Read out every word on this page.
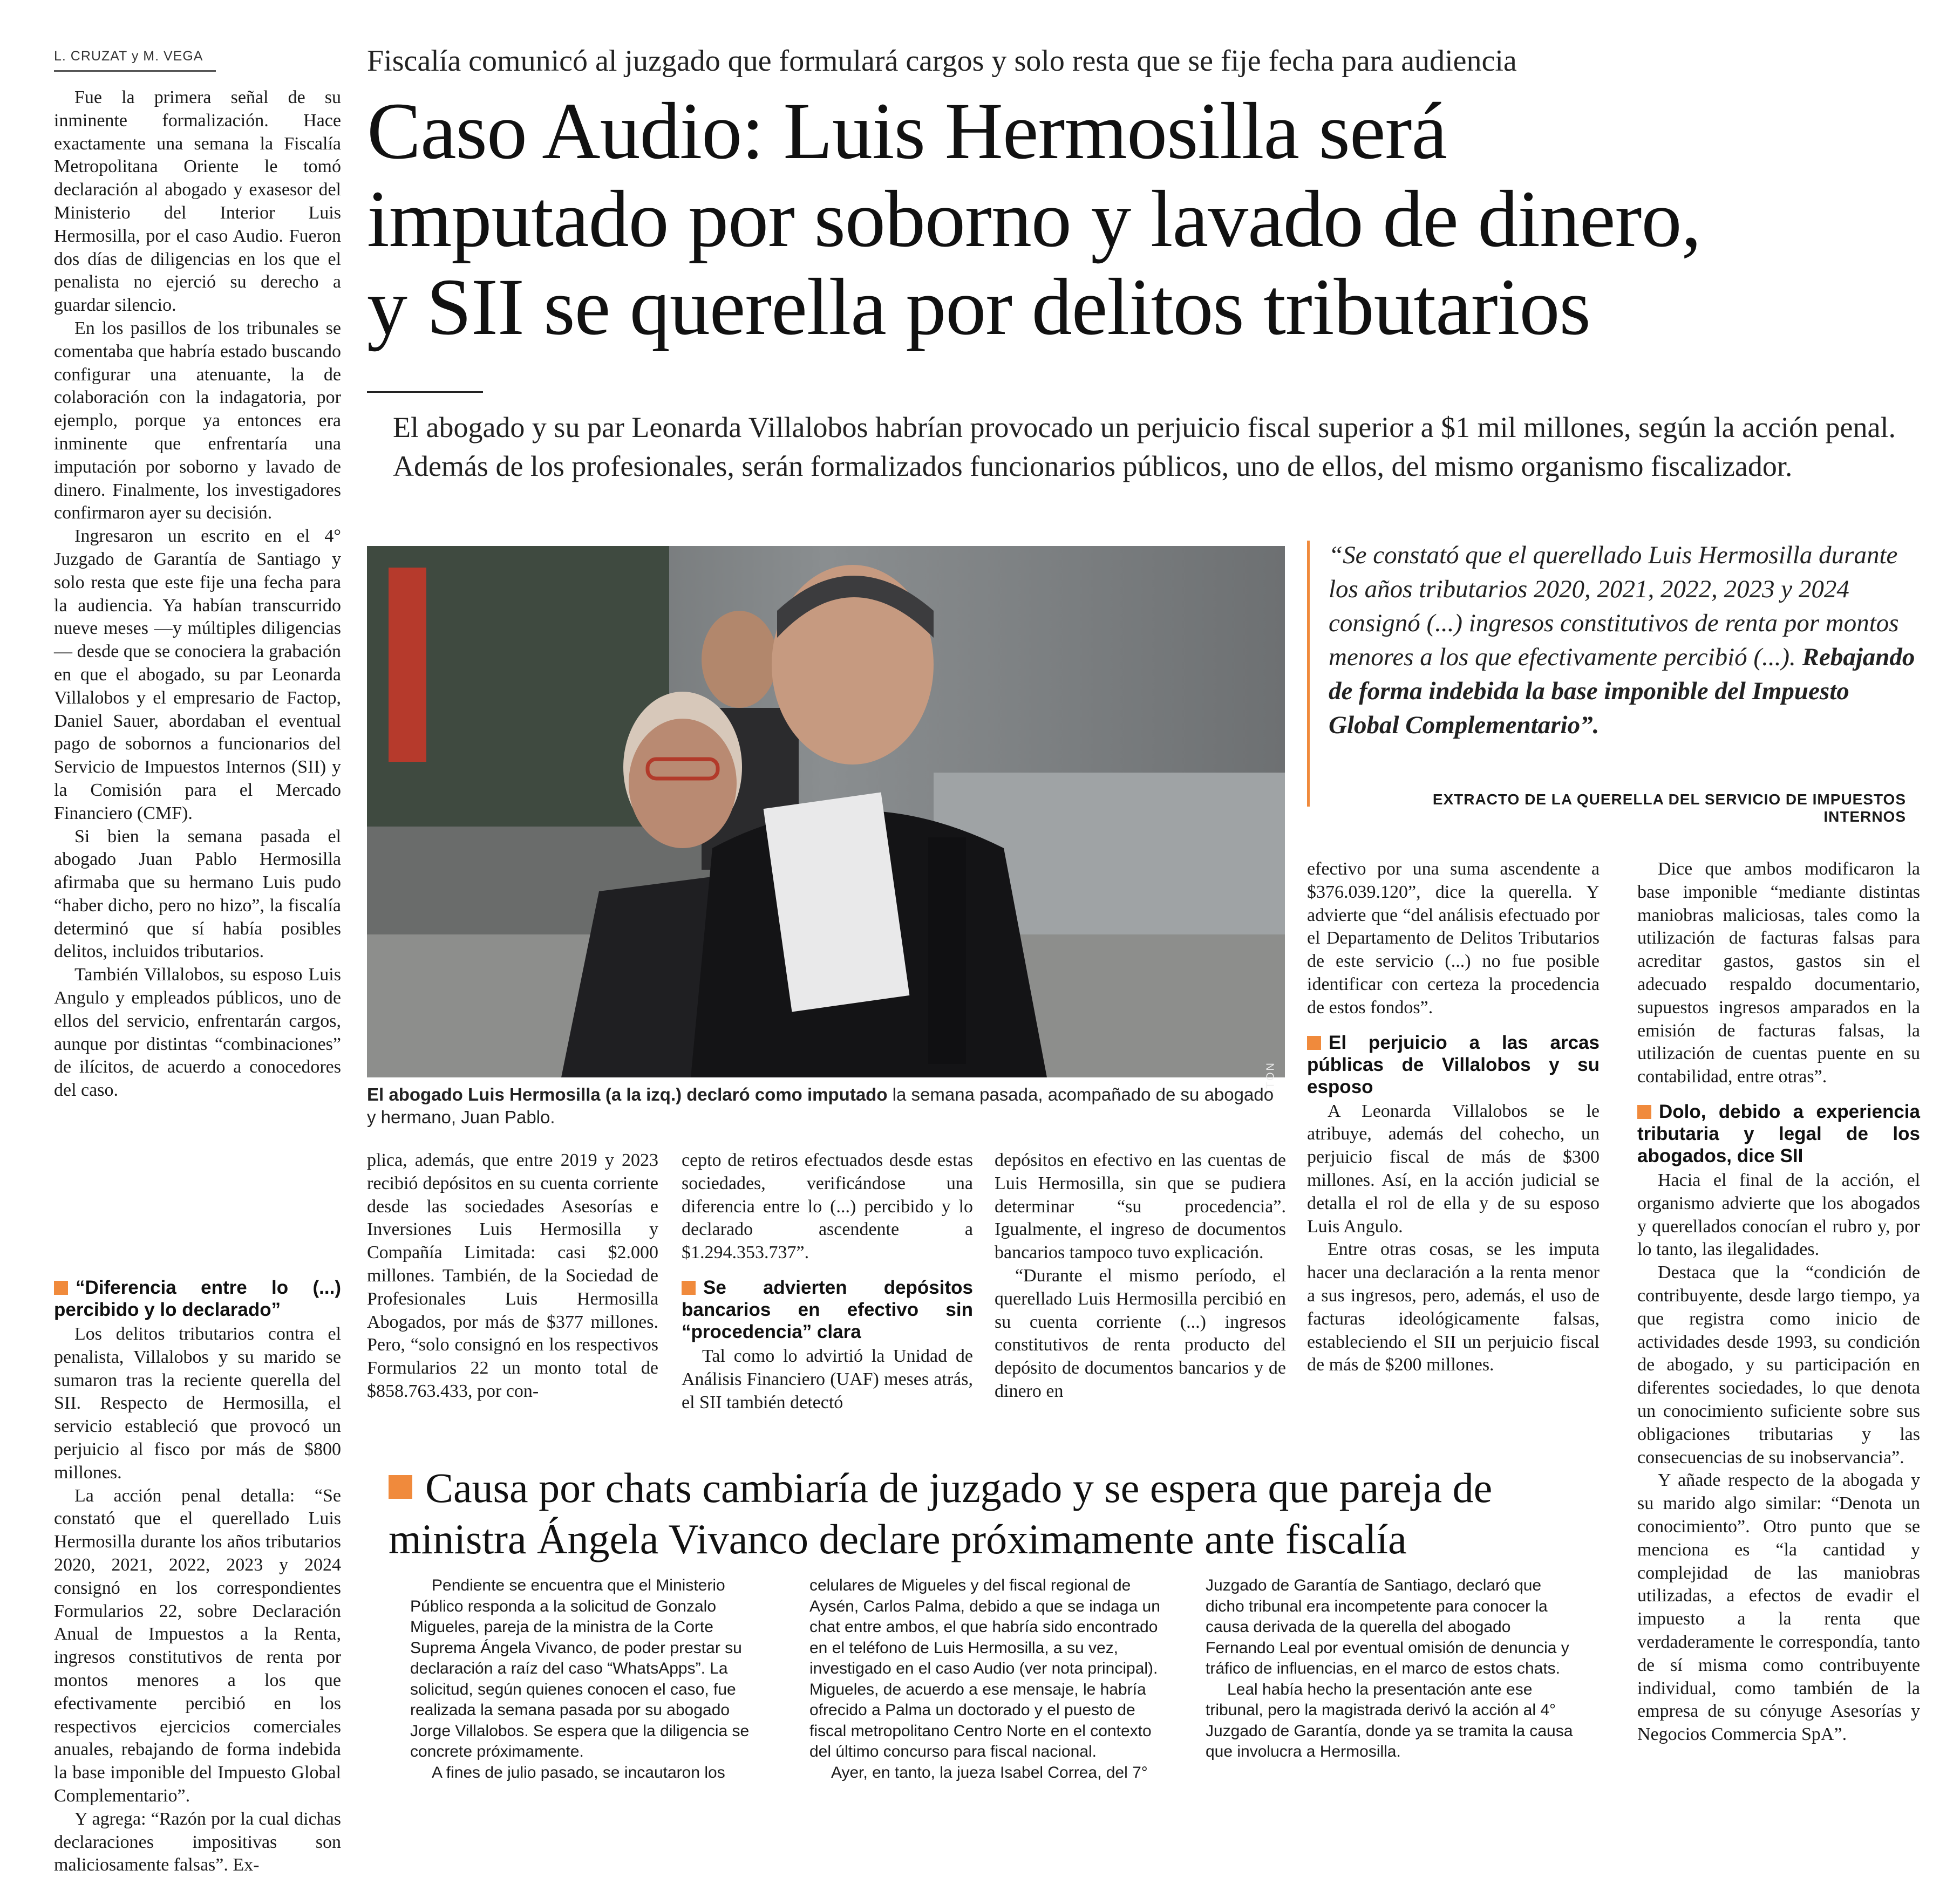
L. CRUZAT y M. VEGA

Fue la primera señal de su inminente formalización. Hace exactamente una semana la Fiscalía Metropolitana Oriente le tomó declaración al abogado y exasesor del Ministerio del Interior Luis Hermosilla, por el caso Audio. Fueron dos días de diligencias en los que el penalista no ejerció su derecho a guardar silencio.

En los pasillos de los tribunales se comentaba que habría estado buscando configurar una atenuante, la de colaboración con la indagatoria, por ejemplo, porque ya entonces era inminente que enfrentaría una imputación por soborno y lavado de dinero. Finalmente, los investigadores confirmaron ayer su decisión.

Ingresaron un escrito en el 4° Juzgado de Garantía de Santiago y solo resta que este fije una fecha para la audiencia. Ya habían transcurrido nueve meses —y múltiples diligencias— desde que se conociera la grabación en que el abogado, su par Leonarda Villalobos y el empresario de Factop, Daniel Sauer, abordaban el eventual pago de sobornos a funcionarios del Servicio de Impuestos Internos (SII) y la Comisión para el Mercado Financiero (CMF).

Si bien la semana pasada el abogado Juan Pablo Hermosilla afirmaba que su hermano Luis pudo “haber dicho, pero no hizo”, la fiscalía determinó que sí había posibles delitos, incluidos tributarios.

También Villalobos, su esposo Luis Angulo y empleados públicos, uno de ellos del servicio, enfrentarán cargos, aunque por distintas “combinaciones” de ilícitos, de acuerdo a conocedores del caso.

“Diferencia entre lo (...) percibido y lo declarado”

Los delitos tributarios contra el penalista, Villalobos y su marido se sumaron tras la reciente querella del SII. Respecto de Hermosilla, el servicio estableció que provocó un perjuicio al fisco por más de $800 millones.

La acción penal detalla: “Se constató que el querellado Luis Hermosilla durante los años tributarios 2020, 2021, 2022, 2023 y 2024 consignó en los correspondientes Formularios 22, sobre Declaración Anual de Impuestos a la Renta, ingresos constitutivos de renta por montos menores a los que efectivamente percibió en los respectivos ejercicios comerciales anuales, rebajando de forma indebida la base imponible del Impuesto Global Complementario”.

Y agrega: “Razón por la cual dichas declaraciones impositivas son maliciosamente falsas”. Ex-

Fiscalía comunicó al juzgado que formulará cargos y solo resta que se fije fecha para audiencia
Caso Audio: Luis Hermosilla será
imputado por soborno y lavado de dinero,
y SII se querella por delitos tributarios
El abogado y su par Leonarda Villalobos habrían provocado un perjuicio fiscal superior a $1 mil millones, según la acción penal. Además de los profesionales, serán formalizados funcionarios públicos, uno de ellos, del mismo organismo fiscalizador.
ATON
El abogado Luis Hermosilla (a la izq.) declaró como imputado la semana pasada, acompañado de su abogado y hermano, Juan Pablo.

plica, además, que entre 2019 y 2023 recibió depósitos en su cuenta corriente desde las sociedades Asesorías e Inversiones Luis Hermosilla y Compañía Limitada: casi $2.000 millones. También, de la Sociedad de Profesionales Luis Hermosilla Abogados, por más de $377 millones. Pero, “solo consignó en los respectivos Formularios 22 un monto total de $858.763.433, por con-

cepto de retiros efectuados desde estas sociedades, verificándose una diferencia entre lo (...) percibido y lo declarado ascendente a $1.294.353.737”.

Se advierten depósitos bancarios en efectivo sin “procedencia” clara

Tal como lo advirtió la Unidad de Análisis Financiero (UAF) meses atrás, el SII también detectó

depósitos en efectivo en las cuentas de Luis Hermosilla, sin que se pudiera determinar “su procedencia”. Igualmente, el ingreso de documentos bancarios tampoco tuvo explicación.

“Durante el mismo período, el querellado Luis Hermosilla percibió en su cuenta corriente (...) ingresos constitutivos de renta producto del depósito de documentos bancarios y de dinero en

“Se constató que el querellado Luis Hermosilla durante los años tributarios 2020, 2021, 2022, 2023 y 2024 consignó (...) ingresos constitutivos de renta por montos menores a los que efectivamente percibió (...). Rebajando de forma indebida la base imponible del Impuesto Global Complementario”.
EXTRACTO DE LA QUERELLA DEL SERVICIO DE IMPUESTOS INTERNOS

efectivo por una suma ascendente a $376.039.120”, dice la querella. Y advierte que “del análisis efectuado por el Departamento de Delitos Tributarios de este servicio (...) no fue posible identificar con certeza la procedencia de estos fondos”.

El perjuicio a las arcas públicas de Villalobos y su esposo

A Leonarda Villalobos se le atribuye, además del cohecho, un perjuicio fiscal de más de $300 millones. Así, en la acción judicial se detalla el rol de ella y de su esposo Luis Angulo.

Entre otras cosas, se les imputa hacer una declaración a la renta menor a sus ingresos, pero, además, el uso de facturas ideológicamente falsas, estableciendo el SII un perjuicio fiscal de más de $200 millones.

Dice que ambos modificaron la base imponible “mediante distintas maniobras maliciosas, tales como la utilización de facturas falsas para acreditar gastos, gastos sin el adecuado respaldo documentario, supuestos ingresos amparados en la emisión de facturas falsas, la utilización de cuentas puente en su contabilidad, entre otras”.

Dolo, debido a experiencia tributaria y legal de los abogados, dice SII

Hacia el final de la acción, el organismo advierte que los abogados y querellados conocían el rubro y, por lo tanto, las ilegalidades.

Destaca que la “condición de contribuyente, desde largo tiempo, ya que registra como inicio de actividades desde 1993, su condición de abogado, y su participación en diferentes sociedades, lo que denota un conocimiento suficiente sobre sus obligaciones tributarias y las consecuencias de su inobservancia”.

Y añade respecto de la abogada y su marido algo similar: “Denota un conocimiento”. Otro punto que se menciona es “la cantidad y complejidad de las maniobras utilizadas, a efectos de evadir el impuesto a la renta que verdaderamente le correspondía, tanto de sí misma como contribuyente individual, como también de la empresa de su cónyuge Asesorías y Negocios Commercia SpA”.

Causa por chats cambiaría de juzgado y se espera que pareja de ministra Ángela Vivanco declare próximamente ante fiscalía

Pendiente se encuentra que el Ministerio Público responda a la solicitud de Gonzalo Migueles, pareja de la ministra de la Corte Suprema Ángela Vivanco, de poder prestar su declaración a raíz del caso “WhatsApps”. La solicitud, según quienes conocen el caso, fue realizada la semana pasada por su abogado Jorge Villalobos. Se espera que la diligencia se concrete próximamente.

A fines de julio pasado, se incautaron los

celulares de Migueles y del fiscal regional de Aysén, Carlos Palma, debido a que se indaga un chat entre ambos, el que habría sido encontrado en el teléfono de Luis Hermosilla, a su vez, investigado en el caso Audio (ver nota principal). Migueles, de acuerdo a ese mensaje, le habría ofrecido a Palma un doctorado y el puesto de fiscal metropolitano Centro Norte en el contexto del último concurso para fiscal nacional.

Ayer, en tanto, la jueza Isabel Correa, del 7°

Juzgado de Garantía de Santiago, declaró que dicho tribunal era incompetente para conocer la causa derivada de la querella del abogado Fernando Leal por eventual omisión de denuncia y tráfico de influencias, en el marco de estos chats.

Leal había hecho la presentación ante ese tribunal, pero la magistrada derivó la acción al 4° Juzgado de Garantía, donde ya se tramita la causa que involucra a Hermosilla.
